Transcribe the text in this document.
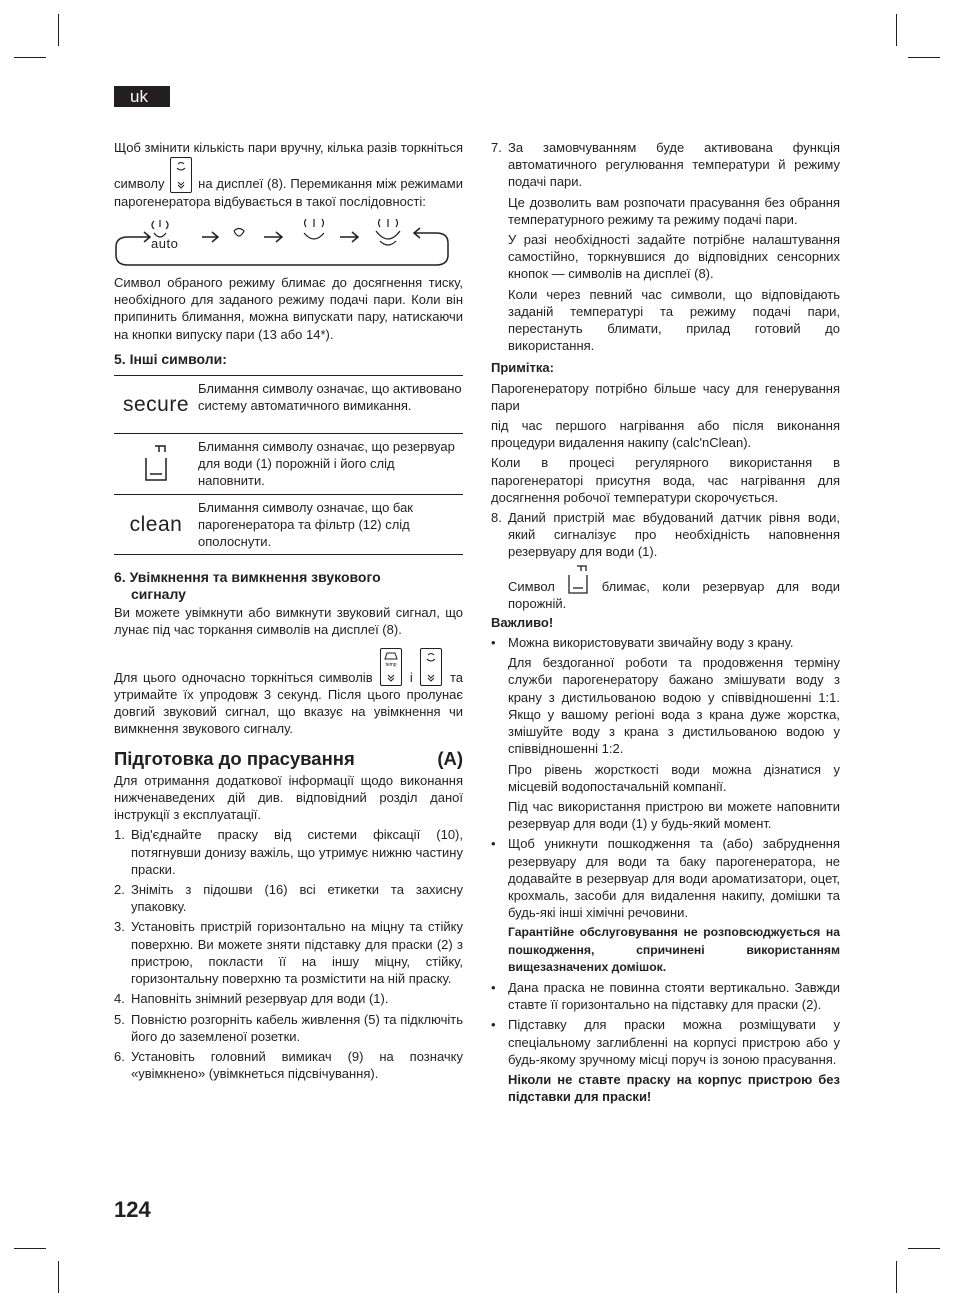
uk

Щоб змінити кількість пари вручну, кілька разів торкніться символу	на дисплеї (8). Перемикання між режимами парогенератора відбувається в такої послідовності:

auto

Символ обраного режиму блимає до досягнення тиску, необхідного для заданого режиму подачі пари. Коли він припинить блимання, можна випускати пару, натискаючи на кнопки випуску пари (13 або 14*).

5. Інші символи:
secure
Блимання символу означає, що активовано систему автоматичного вимикання.
Блимання символу означає, що резервуар для води (1) порожній і його слід наповнити.
clean
Блимання символу означає, що бак парогенератора та фільтр (12) слід ополоснути.
6. Увімкнення та вимкнення звукового
сигналу

Ви можете увімкнути або вимкнути звуковий сигнал, що лунає під час торкання символів на дисплеї (8).

Для цього одночасно торкніться символів
temp
і	та утримайте їх упродовж 3 секунд. Після цього пролунає довгий звуковий сигнал, що вказує на увімкнення чи вимкнення звукового сигналу.

Підготовка до прасування	(A)

Для отримання додаткової інформації щодо виконання нижченаведених дій див. відповідний розділ даної інструкції з експлуатації.

1. Від'єднайте праску від системи фіксації (10), потягнувши донизу важіль, що утримує нижню частину праски.
2. Зніміть з підошви (16) всі етикетки та захисну упаковку.
3. Установіть пристрій горизонтально на міцну та стійку поверхню. Ви можете зняти підставку для праски (2) з пристрою, покласти її на іншу міцну, стійку, горизонтальну поверхню та розмістити на ній праску.
4. Наповніть знімний резервуар для води (1).
5. Повністю розгорніть кабель живлення (5) та підключіть його до заземленої розетки.
6. Установіть головний вимикач (9) на позначку «увімкнено» (увімкнеться підсвічування).
7. За замовчуванням буде активована функція автоматичного регулювання температури й режиму подачі пари.

Це дозволить вам розпочати прасування без обрання температурного режиму та режиму подачі пари.

У разі необхідності задайте потрібне налаштування самостійно, торкнувшися до відповідних сенсорних кнопок — символів на дисплеї (8).

Коли через певний час символи, що відповідають заданій температурі та режиму подачі пари, перестануть блимати, прилад готовий до використання.

Примітка:

Парогенератору потрібно більше часу для генерування пари

під час першого нагрівання або після виконання процедури видалення накипу (calc'nClean).

Коли в процесі регулярного використання в парогенераторі присутня вода, час нагрівання для досягнення робочої температури скорочується.

8. Даний пристрій має вбудований датчик рівня води, який сигналізує про необхідність наповнення резервуару для води (1).

Символ	блимає, коли резервуар для води порожній.

Важливо!

• Можна використовувати звичайну воду з крану.

Для бездоганної роботи та продовження терміну служби парогенератору бажано змішувати воду з крану з дистильованою водою у співвідношенні 1:1. Якщо у вашому регіоні вода з крана дуже жорстка, змішуйте воду з крана з дистильованою водою у співвідношенні 1:2.

Про рівень жорсткості води можна дізнатися у місцевій водопостачальній компанії.

Під час використання пристрою ви можете наповнити резервуар для води (1) у будь-який момент.

• Щоб уникнути пошкодження та (або) забруднення резервуару для води та баку парогенератора, не додавайте в резервуар для води ароматизатори, оцет, крохмаль, засоби для видалення накипу, домішки та будь-які інші хімічні речовини.

Гарантійне обслуговування не розповсюджується на пошкодження, спричинені використанням вищезазначених домішок.

• Дана праска не повинна стояти вертикально. Завжди ставте її горизонтально на підставку для праски (2).

• Підставку для праски можна розміщувати у спеціальному заглибленні на корпусі пристрою або у будь-якому зручному місці поруч із зоною прасування.

Ніколи не ставте праску на корпус пристрою без підставки для праски!

124
